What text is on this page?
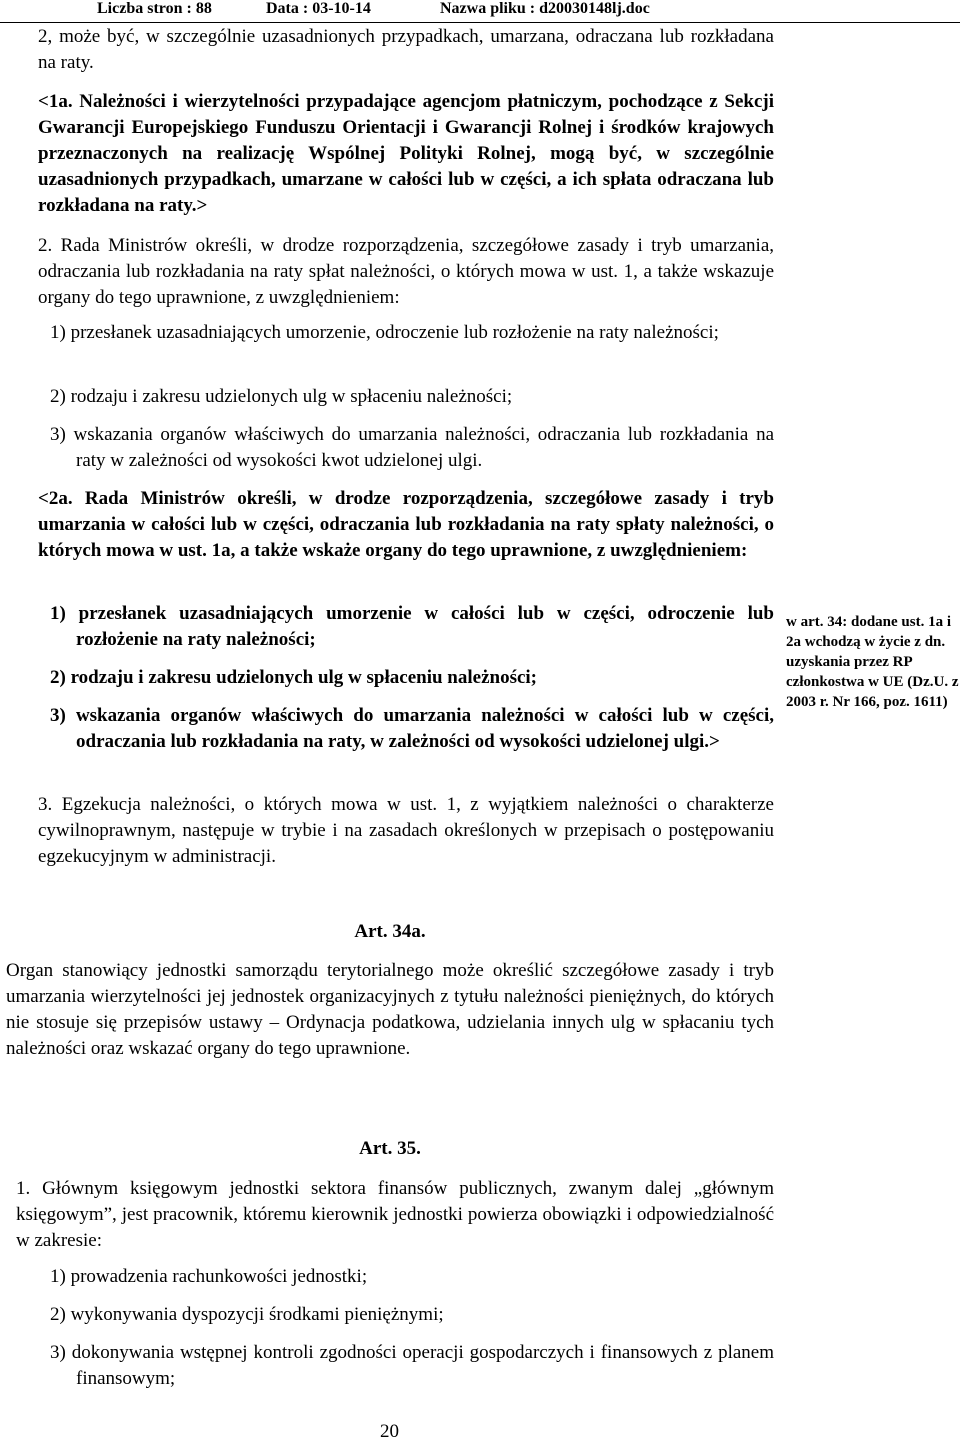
Liczba stron : 88	Data : 03-10-14	Nazwa pliku : d20030148lj.doc
2, może być, w szczególnie uzasadnionych przypadkach, umarzana, odraczana lub rozkładana na raty.
<1a. Należności i wierzytelności przypadające agencjom płatniczym, pochodzące z Sekcji Gwarancji Europejskiego Funduszu Orientacji i Gwarancji Rolnej i środków krajowych przeznaczonych na realizację Wspólnej Polityki Rolnej, mogą być, w szczególnie uzasadnionych przypadkach, umarzane w całości lub w części, a ich spłata odraczana lub rozkładana na raty.>
2. Rada Ministrów określi, w drodze rozporządzenia, szczegółowe zasady i tryb umarzania, odraczania lub rozkładania na raty spłat należności, o których mowa w ust. 1, a także wskazuje organy do tego uprawnione, z uwzględnieniem:
1) przesłanek uzasadniających umorzenie, odroczenie lub rozłożenie na raty należności;
2) rodzaju i zakresu udzielonych ulg w spłaceniu należności;
3) wskazania organów właściwych do umarzania należności, odraczania lub rozkładania na raty w zależności od wysokości kwot udzielonej ulgi.
<2a. Rada Ministrów określi, w drodze rozporządzenia, szczegółowe zasady i tryb umarzania w całości lub w części, odraczania lub rozkładania na raty spłaty należności, o których mowa w ust. 1a, a także wskaże organy do tego uprawnione, z uwzględnieniem:
1) przesłanek uzasadniających umorzenie w całości lub w części, odroczenie lub rozłożenie na raty należności;
2) rodzaju i zakresu udzielonych ulg w spłaceniu należności;
3) wskazania organów właściwych do umarzania należności w całości lub w części, odraczania lub rozkładania na raty, w zależności od wysokości udzielonej ulgi.>
3. Egzekucja należności, o których mowa w ust. 1, z wyjątkiem należności o charakterze cywilnoprawnym, następuje w trybie i na zasadach określonych w przepisach o postępowaniu egzekucyjnym w administracji.
Art. 34a.
Organ stanowiący jednostki samorządu terytorialnego może określić szczegółowe zasady i tryb umarzania wierzytelności jej jednostek organizacyjnych z tytułu należności pieniężnych, do których nie stosuje się przepisów ustawy – Ordynacja podatkowa, udzielania innych ulg w spłacaniu tych należności oraz wskazać organy do tego uprawnione.
Art. 35.
1. Głównym księgowym jednostki sektora finansów publicznych, zwanym dalej „głównym księgowym”, jest pracownik, któremu kierownik jednostki powierza obowiązki i odpowiedzialność w zakresie:
1) prowadzenia rachunkowości jednostki;
2) wykonywania dyspozycji środkami pieniężnymi;
3) dokonywania wstępnej kontroli zgodności operacji gospodarczych i finansowych z planem finansowym;
w art. 34: dodane ust. 1a i 2a wchodzą w życie z dn. uzyskania przez RP członkostwa w UE (Dz.U. z 2003 r. Nr 166, poz. 1611)
20
